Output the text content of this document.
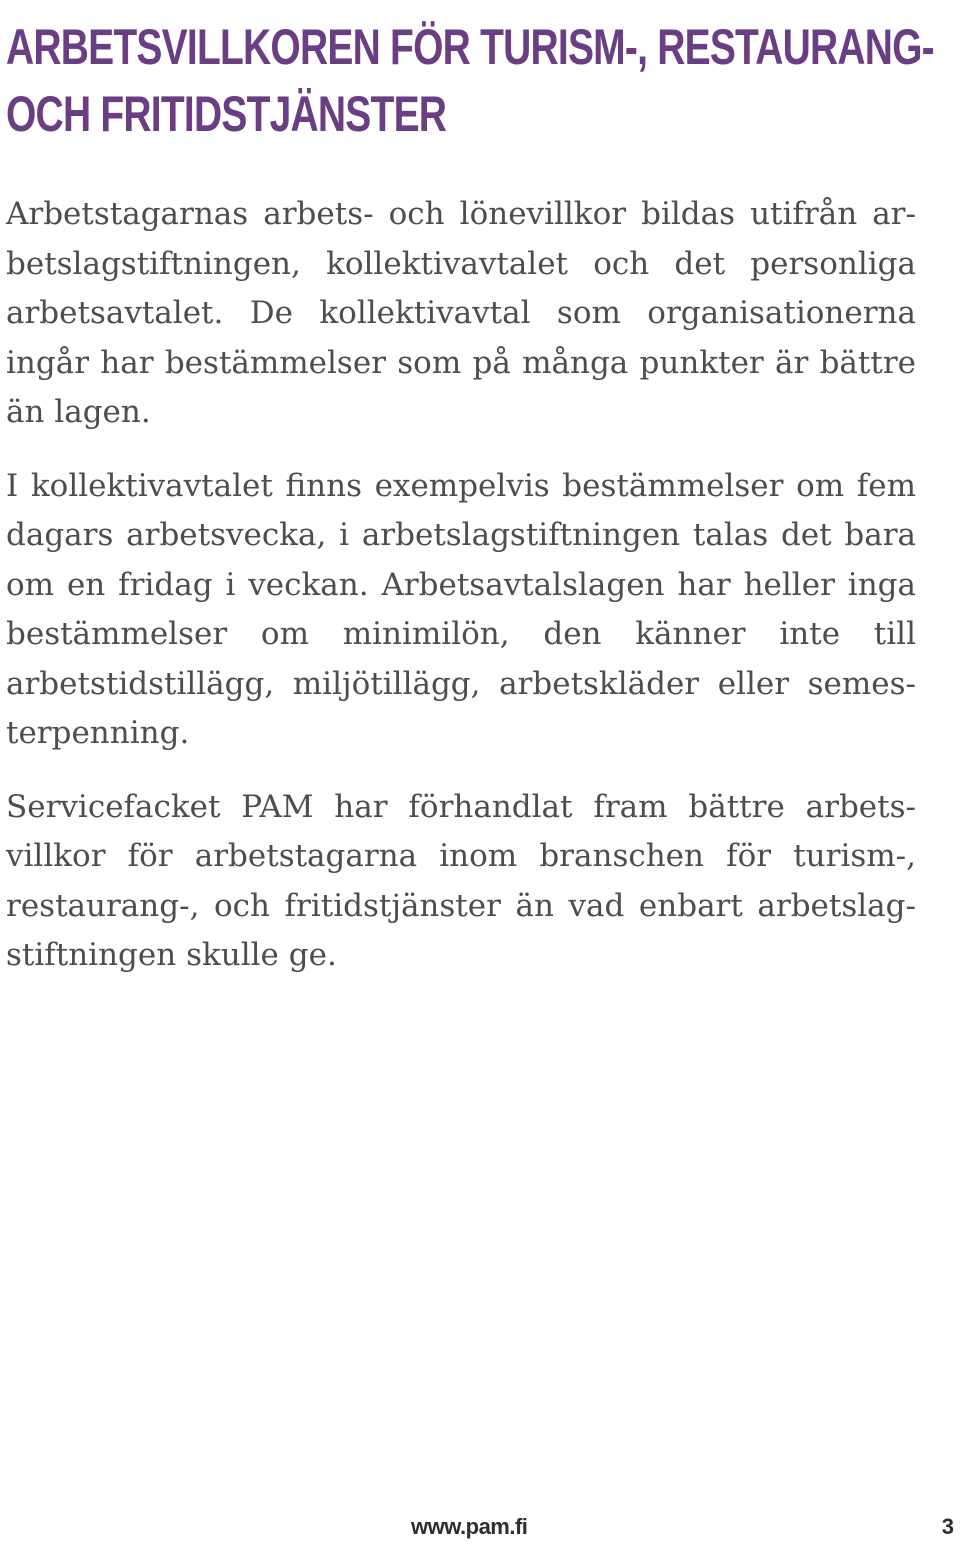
ARBETSVILLKOREN FÖR TURISM-, RESTAURANG-
OCH FRITIDSTJÄNSTER

Arbetstagarnas arbets- och lönevillkor bildas utifrån arbetslagstiftningen, kollektivavtalet och det personliga arbetsavtalet. De kollektivavtal som organisationerna ingår har bestämmelser som på många punkter är bättre än lagen.

I kollektivavtalet finns exempelvis bestämmelser om fem dagars arbetsvecka, i arbetslagstiftningen talas det bara om en fridag i veckan. Arbetsavtalslagen har heller inga bestämmelser om minimilön, den känner inte till arbetstidstillägg, miljötillägg, arbetskläder eller semesterpenning.

Servicefacket PAM har förhandlat fram bättre arbetsvillkor för arbetstagarna inom branschen för turism-, restaurang-, och fritidstjänster än vad enbart arbetslagstiftningen skulle ge.

www.pam.fi	3
